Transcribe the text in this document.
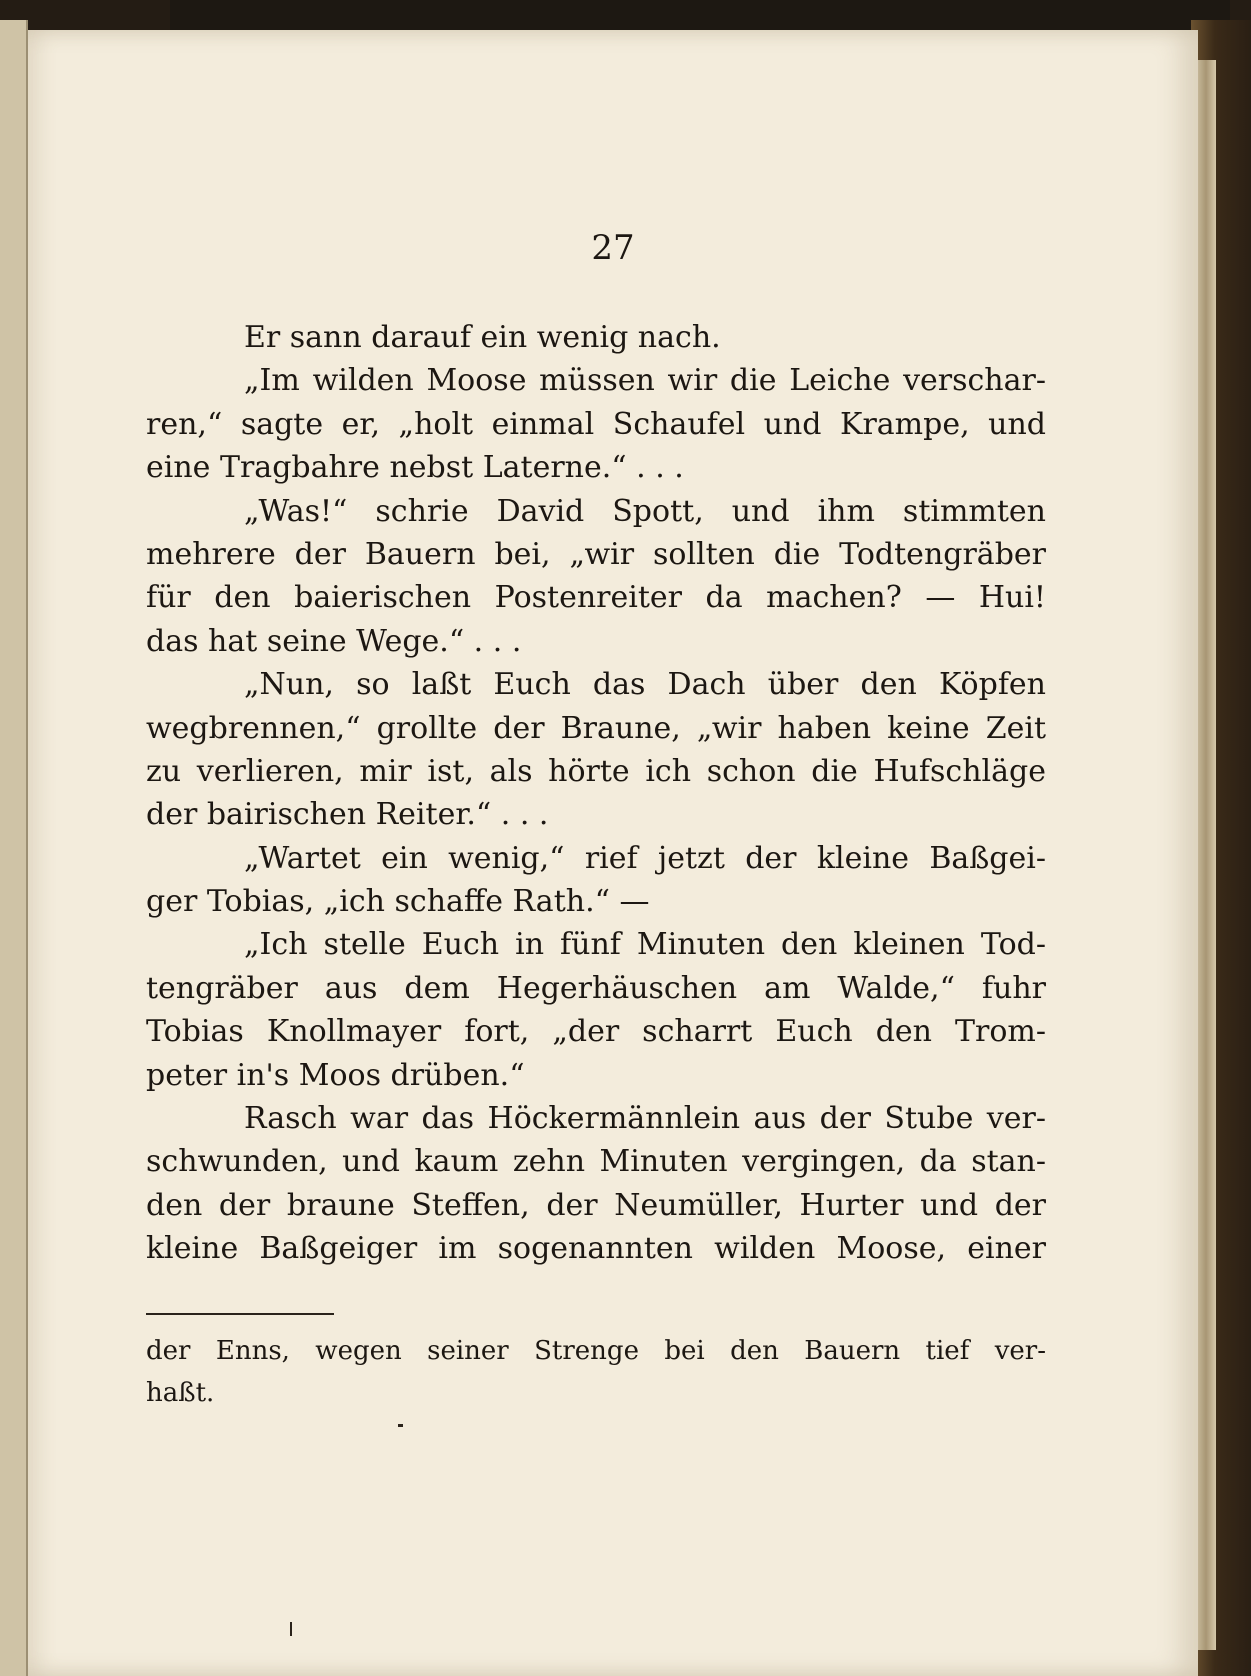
27
Er sann darauf ein wenig nach.
„Im wilden Moose müssen wir die Leiche verschar-
ren,“ sagte er, „holt einmal Schaufel und Krampe, und
eine Tragbahre nebst Laterne.“ . . .
„Was!“ schrie David Spott, und ihm stimmten
mehrere der Bauern bei, „wir sollten die Todtengräber
für den baierischen Postenreiter da machen? — Hui!
das hat seine Wege.“ . . .
„Nun, so laßt Euch das Dach über den Köpfen
wegbrennen,“ grollte der Braune, „wir haben keine Zeit
zu verlieren, mir ist, als hörte ich schon die Hufschläge
der bairischen Reiter.“ . . .
„Wartet ein wenig,“ rief jetzt der kleine Baßgei-
ger Tobias, „ich schaffe Rath.“ —
„Ich stelle Euch in fünf Minuten den kleinen Tod-
tengräber aus dem Hegerhäuschen am Walde,“ fuhr
Tobias Knollmayer fort, „der scharrt Euch den Trom-
peter in's Moos drüben.“
Rasch war das Höckermännlein aus der Stube ver-
schwunden, und kaum zehn Minuten vergingen, da stan-
den der braune Steffen, der Neumüller, Hurter und der
kleine Baßgeiger im sogenannten wilden Moose, einer
der Enns, wegen seiner Strenge bei den Bauern tief ver-
haßt.
